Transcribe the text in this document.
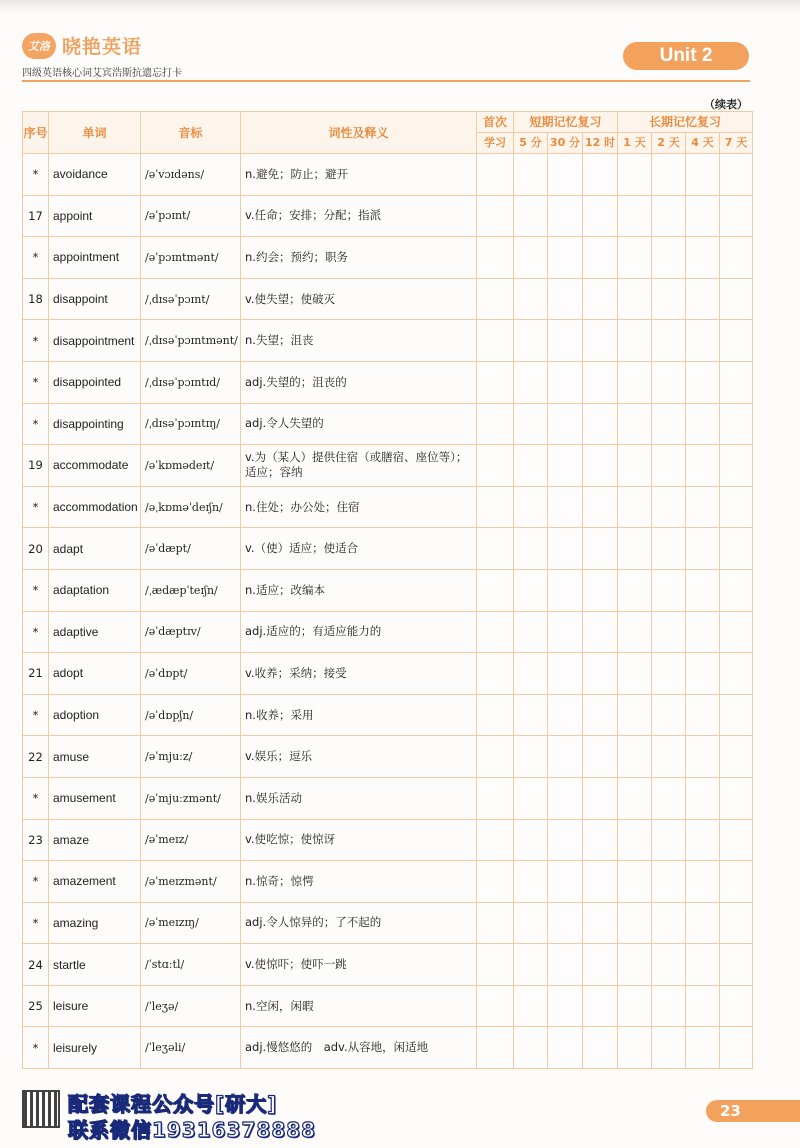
艾洛 晓艳英语
四级英语核心词艾宾浩斯抗遗忘打卡
Unit 2
（续表）
序号	单词	音标	词性及释义	首次	短期记忆复习			长期记忆复习			
				学习	5 分	30 分	12 时	1 天	2 天	4 天	7 天
*	avoidance	/əˈvɔɪdəns/	n.避免；防止；避开								
17	appoint	/əˈpɔɪnt/	v.任命；安排；分配；指派								
*	appointment	/əˈpɔɪntmənt/	n.约会；预约；职务								
18	disappoint	/ˌdɪsəˈpɔɪnt/	v.使失望；使破灭								
*	disappointment	/ˌdɪsəˈpɔɪntmənt/	n.失望；沮丧								
*	disappointed	/ˌdɪsəˈpɔɪntɪd/	adj.失望的；沮丧的								
*	disappointing	/ˌdɪsəˈpɔɪntɪŋ/	adj.令人失望的								
19	accommodate	/əˈkɒmədeɪt/	v.为（某人）提供住宿（或膳宿、座位等）；适应；容纳								
*	accommodation	/əˌkɒməˈdeɪʃn/	n.住处；办公处；住宿								
20	adapt	/əˈdæpt/	v.（使）适应；使适合								
*	adaptation	/ˌædæpˈteɪʃn/	n.适应；改编本								
*	adaptive	/əˈdæptɪv/	adj.适应的；有适应能力的								
21	adopt	/əˈdɒpt/	v.收养；采纳；接受								
*	adoption	/əˈdɒpʃn/	n.收养；采用								
22	amuse	/əˈmjuːz/	v.娱乐；逗乐								
*	amusement	/əˈmjuːzmənt/	n.娱乐活动								
23	amaze	/əˈmeɪz/	v.使吃惊；使惊讶								
*	amazement	/əˈmeɪzmənt/	n.惊奇；惊愕								
*	amazing	/əˈmeɪzɪŋ/	adj.令人惊异的；了不起的								
24	startle	/ˈstɑːtl/	v.使惊吓；使吓一跳								
25	leisure	/ˈleʒə/	n.空闲，闲暇								
*	leisurely	/ˈleʒəli/	adj.慢悠悠的　adv.从容地，闲适地								
配套课程公众号[研大]
联系微信19316378888
23
